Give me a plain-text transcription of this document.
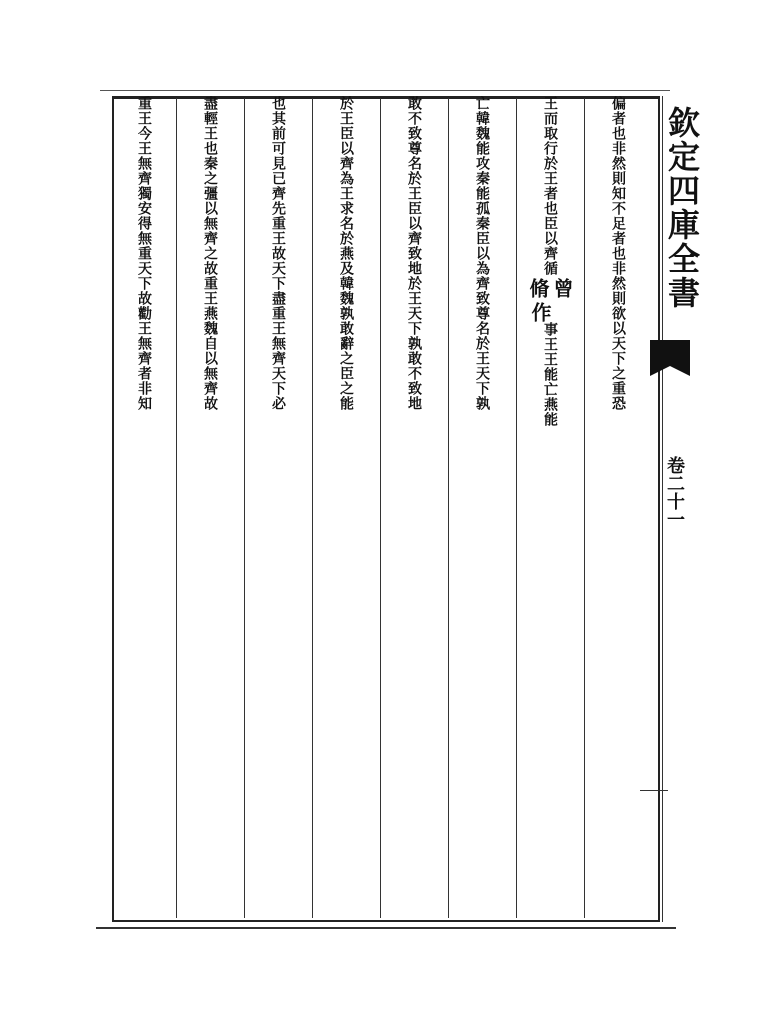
欽定四庫全書
卷二十一
偏者也非然則知不足者也非然則欲以天下之重恐
王而取行於王者也臣以齊循
曾
脩
作
事王王能亡燕能
亡韓魏能攻秦能孤秦臣以為齊致尊名於王天下孰
敢不致尊名於王臣以齊致地於王天下孰敢不致地
於王臣以齊為王求名於燕及韓魏孰敢辭之臣之能
也其前可見已齊先重王故天下盡重王無齊天下必
盡輕王也秦之彊以無齊之故重王燕魏自以無齊故
重王今王無齊獨安得無重天下故勸王無齊者非知
